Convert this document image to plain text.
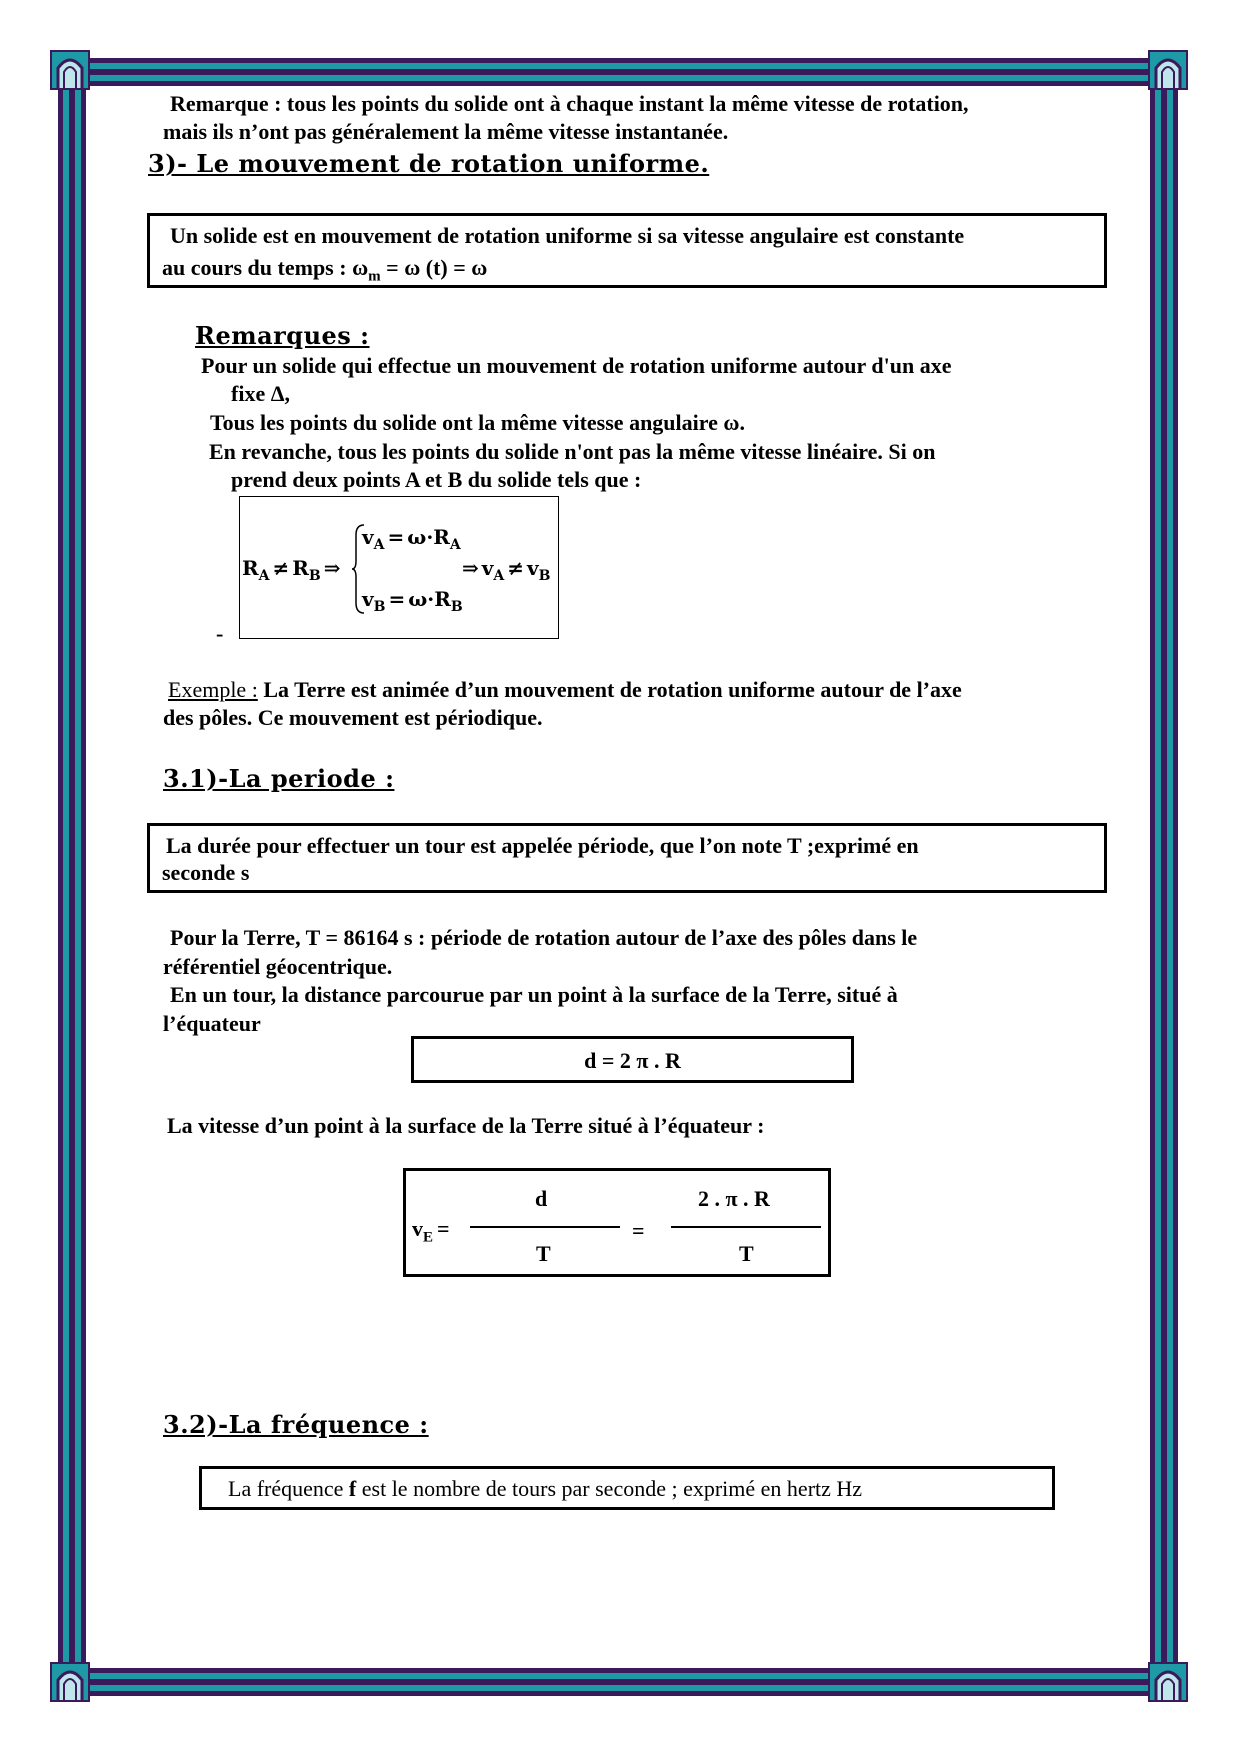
Remarque : tous les points du solide ont à chaque instant la même vitesse de rotation,
mais ils n’ont pas généralement la même vitesse instantanée.
3)- Le mouvement de rotation uniforme.
Un solide est en mouvement de rotation uniforme si sa vitesse angulaire est constante
au cours du temps : $\omega_m = \omega$ (t) = ω
Remarques :
Pour un solide qui effectue un mouvement de rotation uniforme autour d'un axe
fixe Δ,
Tous les points du solide ont la même vitesse angulaire ω.
En revanche, tous les points du solide n'ont pas la même vitesse linéaire. Si on
prend deux points A et B du solide tels que :
$R_A \ne R_B$ ⇒
$v_A = \omega\cdot R_A$
$v_B = \omega\cdot R_B$
⇒ $v_A \ne v_B$
-
Exemple : La Terre est animée d’un mouvement de rotation uniforme autour de l’axe
des pôles. Ce mouvement est périodique.
3.1)-La periode :
La durée pour effectuer un tour est appelée période, que l’on note T ;exprimé en
seconde s
Pour la Terre, T = 86164 s : période de rotation autour de l’axe des pôles dans le
référentiel géocentrique.
En un tour, la distance parcourue par un point à la surface de la Terre, situé à
l’équateur
d = 2 π . R
La vitesse d’un point à la surface de la Terre situé à l’équateur :
$v_E$ =
d
T
=
2 . π . R
T
3.2)-La fréquence :
La fréquence f est le nombre de tours par seconde ; exprimé en hertz Hz
